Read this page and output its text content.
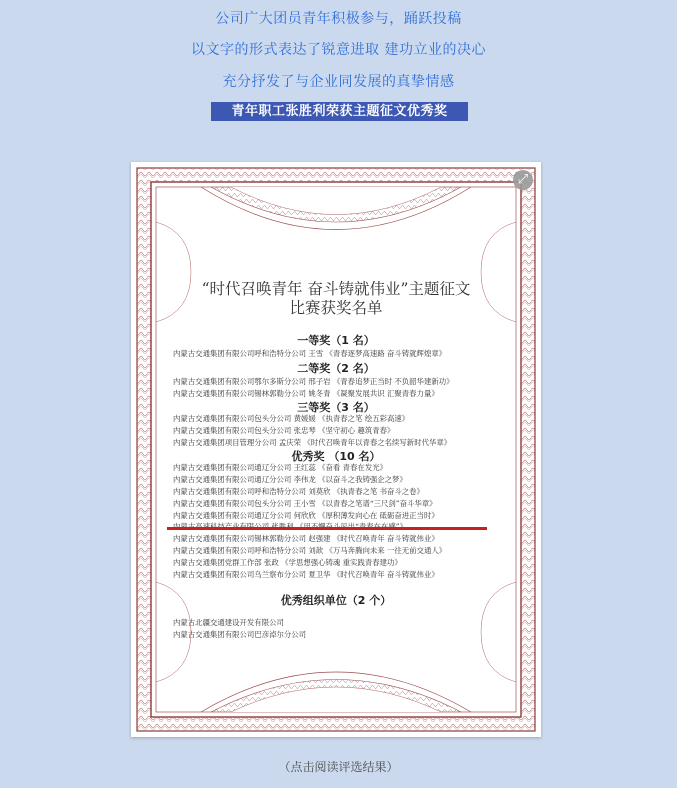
公司广大团员青年积极参与，踊跃投稿
以文字的形式表达了锐意进取 建功立业的决心
充分抒发了与企业同发展的真挚情感
青年职工张胜利荣获主题征文优秀奖
⤢
“时代召唤青年 奋斗铸就伟业”主题征文
比赛获奖名单
一等奖（1 名）
内蒙古交通集团有限公司呼和浩特分公司 王雪 《青春逐梦高速路 奋斗铸就辉煌章》
二等奖（2 名）
内蒙古交通集团有限公司鄂尔多斯分公司 邢子岩 《青春追梦正当时 不负韶华建新功》
内蒙古交通集团有限公司锡林郭勒分公司 姚冬青 《凝聚发展共识 汇聚青春力量》
三等奖（3 名）
内蒙古交通集团有限公司包头分公司 黄媛媛 《执青春之笔 绘五彩高速》
内蒙古交通集团有限公司包头分公司 张忠琴 《坚守初心 趣筑青春》
内蒙古交通集团项目管理分公司 孟庆荣 《时代召唤青年以青春之名续写新时代华章》
优秀奖 （10 名）
内蒙古交通集团有限公司通辽分公司 王红蕊 《奋看 青春在发光》
内蒙古交通集团有限公司通辽分公司 李伟龙 《以奋斗之我铸强企之梦》
内蒙古交通集团有限公司呼和浩特分公司 刘莫欣 《执青春之笔 书奋斗之卷》
内蒙古交通集团有限公司包头分公司 王小雪 《以青春之笔谱“三尺剑”奋斗华章》
内蒙古交通集团有限公司通辽分公司 何欣欣 《厚积薄发向心在 砥砺奋进正当时》
内蒙古交通集团有限公司锡林郭勒分公司 赵强建 《时代召唤青年 奋斗铸就伟业》
内蒙古交通集团有限公司呼和浩特分公司 刘歆 《万马奔腾向未来 一往无前交通人》
内蒙古交通集团党群工作部 张政 《学思想强心铸魂 重实践青春建功》
内蒙古交通集团有限公司乌兰察布分公司 夏卫华 《时代召唤青年 奋斗铸就伟业》
优秀组织单位（2 个）
内蒙古北疆交通建设开发有限公司
内蒙古交通集团有限公司巴彦淖尔分公司
（点击阅读评选结果）
